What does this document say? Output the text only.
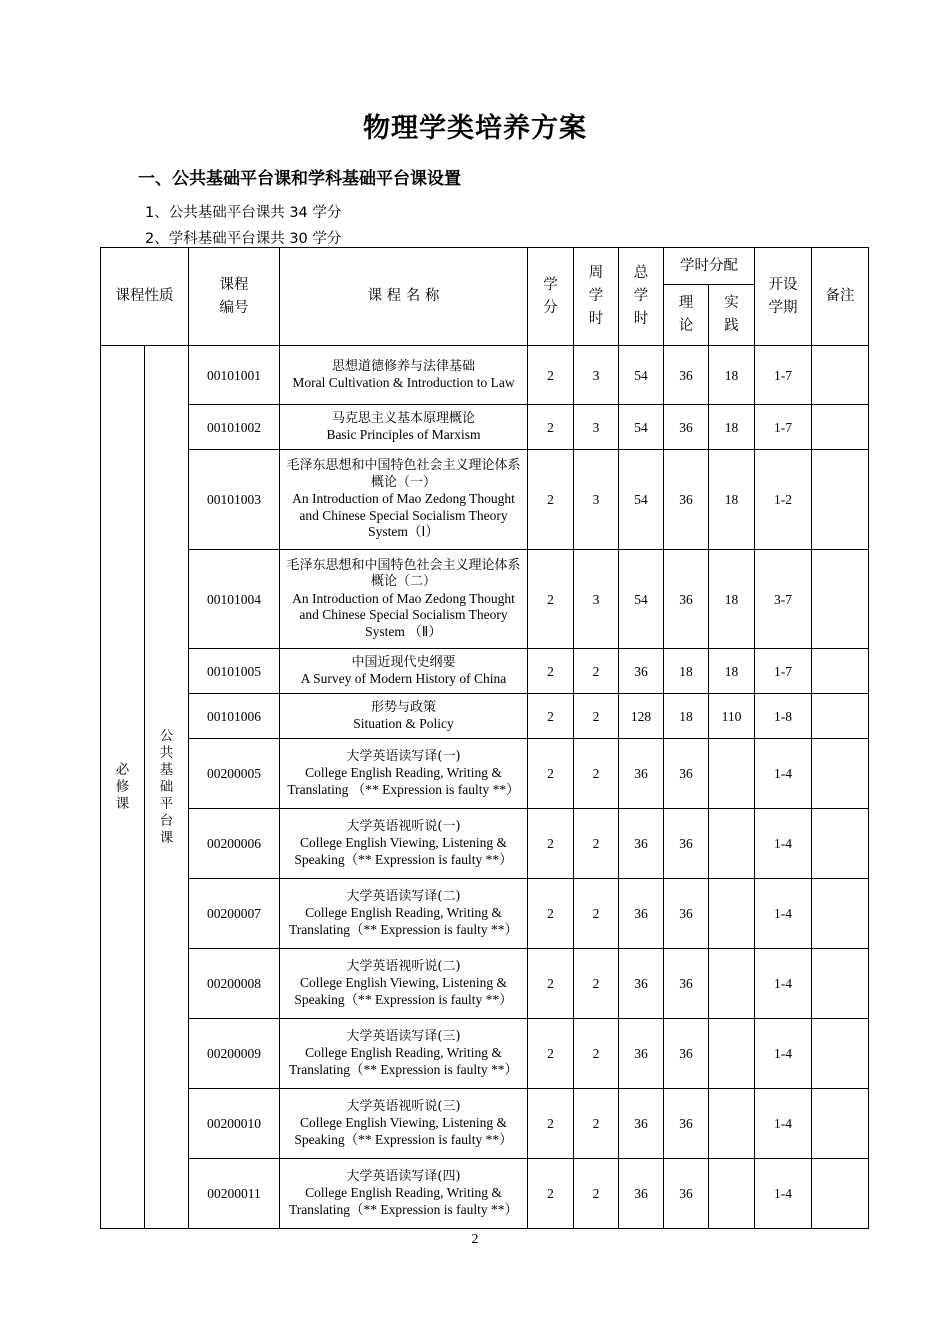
物理学类培养方案
一、公共基础平台课和学科基础平台课设置
1、公共基础平台课共 34 学分
2、学科基础平台课共 30 学分
课程性质		课程编号	课 程 名 称	学分	周学时	总学时	学时分配		开设学期	备注
							理论	实践		
必修课	公共基础平台课	00101001	思想道德修养与法律基础
Moral Cultivation & Introduction to Law	2	3	54	36	18	1-7	
		00101002	马克思主义基本原理概论
Basic Principles of Marxism	2	3	54	36	18	1-7	
		00101003	毛泽东思想和中国特色社会主义理论体系概论（一）
An Introduction of Mao Zedong Thought and Chinese Special Socialism Theory System（Ⅰ）	2	3	54	36	18	1-2	
		00101004	毛泽东思想和中国特色社会主义理论体系概论（二）
An Introduction of Mao Zedong Thought and Chinese Special Socialism Theory System （Ⅱ）	2	3	54	36	18	3-7	
		00101005	中国近现代史纲要
A Survey of Modern History of China	2	2	36	18	18	1-7	
		00101006	形势与政策
Situation & Policy	2	2	128	18	110	1-8	
		00200005	大学英语读写译(一)
College English Reading, Writing & Translating （** Expression is faulty **）	2	2	36	36		1-4	
		00200006	大学英语视听说(一)
College English Viewing, Listening & Speaking（** Expression is faulty **）	2	2	36	36		1-4	
		00200007	大学英语读写译(二)
College English Reading, Writing & Translating（** Expression is faulty **）	2	2	36	36		1-4	
		00200008	大学英语视听说(二)
College English Viewing, Listening & Speaking（** Expression is faulty **）	2	2	36	36		1-4	
		00200009	大学英语读写译(三)
College English Reading, Writing & Translating（** Expression is faulty **）	2	2	36	36		1-4	
		00200010	大学英语视听说(三)
College English Viewing, Listening & Speaking（** Expression is faulty **）	2	2	36	36		1-4	
		00200011	大学英语读写译(四)
College English Reading, Writing & Translating（** Expression is faulty **）	2	2	36	36		1-4	
2
